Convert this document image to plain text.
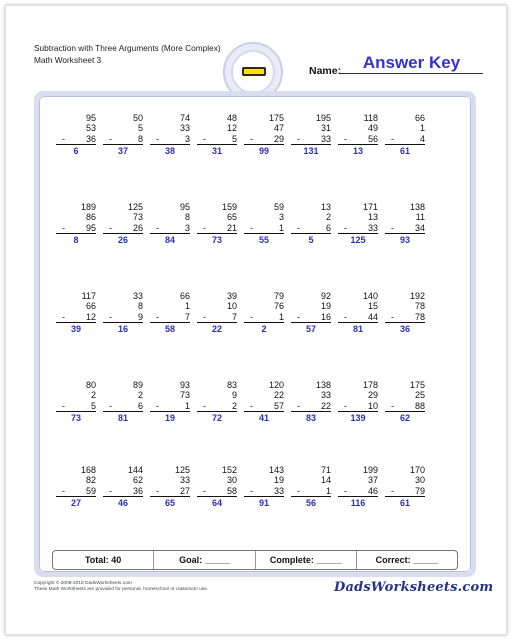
Subtraction with Three Arguments (More Complex)
Math Worksheet 3
Name:	Answer Key
95
53
- 36
6
50
5
-	8
37
74
33
-	3
38
48
12
-	5
31
175
47
- 29
99
195
31
- 33
131
118
49
- 56
13
66
1
-	4
61
189
86
- 95
8
125
73
- 26
26
95
8
-	3
84
159
65
- 21
73
59
3
-	1
55
13
2
-	6
5
171
13
- 33
125
138
11
- 34
93
117
66
- 12
39
33
8
-	9
16
66
1
-	7
58
39
10
-	7
22
79
76
-	1
2
92
19
- 16
57
140
15
- 44
81
192
78
- 78
36
80
2
-	5
73
89
2
-	6
81
93
73
-	1
19
83
9
-	2
72
120
22
- 57
41
138
33
- 22
83
178
29
- 10
139
175
25
- 88
62
168
82
- 59
27
144
62
- 36
46
125
33
- 27
65
152
30
- 58
64
143
19
- 33
91
71
14
-	1
56
199
37
- 46
116
170
30
- 79
61
Total: 40	Goal: _____	Complete: _____	Correct: _____
Copyright © 2008-2018 DadsWorksheets.com
These Math Worksheets are provided for personal, homeschool or classroom use.	DadsWorksheets.com
